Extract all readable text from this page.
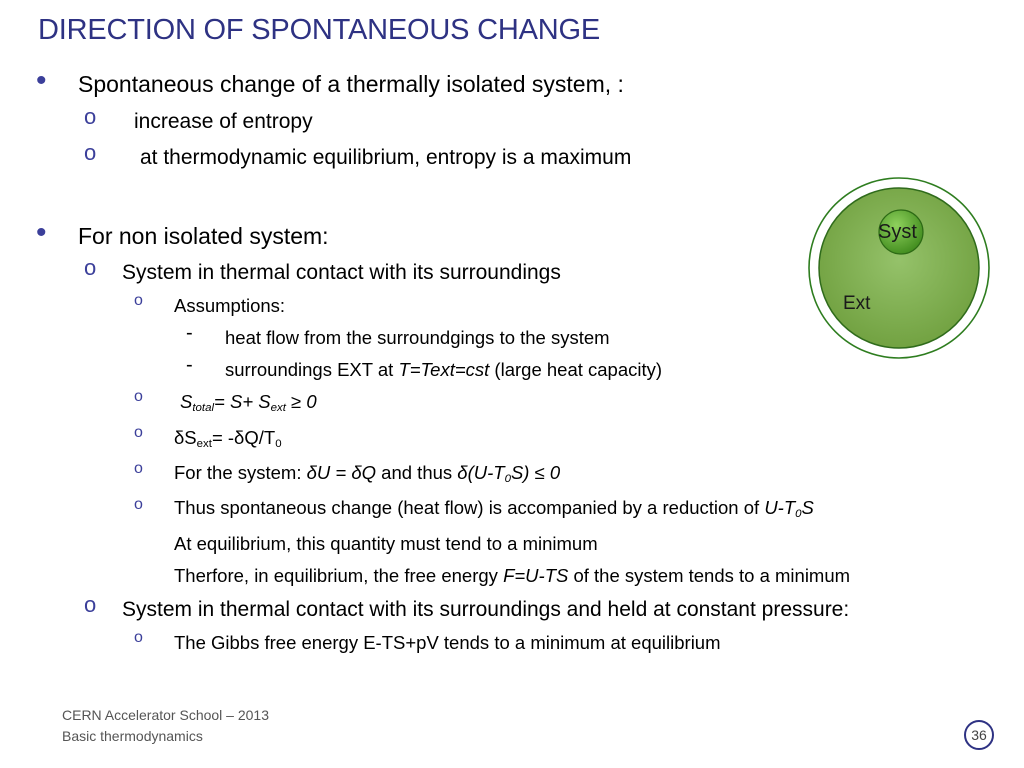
DIRECTION OF SPONTANEOUS CHANGE
• Spontaneous change of a thermally isolated system, :
o increase of entropy
o at thermodynamic equilibrium, entropy is a maximum
• For non isolated system:
o System in thermal contact with its surroundings
o Assumptions:
- heat flow from the surroundgings to the system
- surroundings EXT at T=Text=cst (large heat capacity)
o $S_{total}= S+ S_{ext} \ge 0$
o $\delta S_{ext}= -\delta Q/T_0$
o For the system: δU = δQ and thus $\delta(U-T_0S) \le 0$
o Thus spontaneous change (heat flow) is accompanied by a reduction of $U-T_0S$
At equilibrium, this quantity must tend to a minimum
Therfore, in equilibrium, the free energy F=U-TS of the system tends to a minimum
o System in thermal contact with its surroundings and held at constant pressure:
o The Gibbs free energy E-TS+pV tends to a minimum at equilibrium
Syst
Ext
CERN Accelerator School – 2013
Basic thermodynamics	36
